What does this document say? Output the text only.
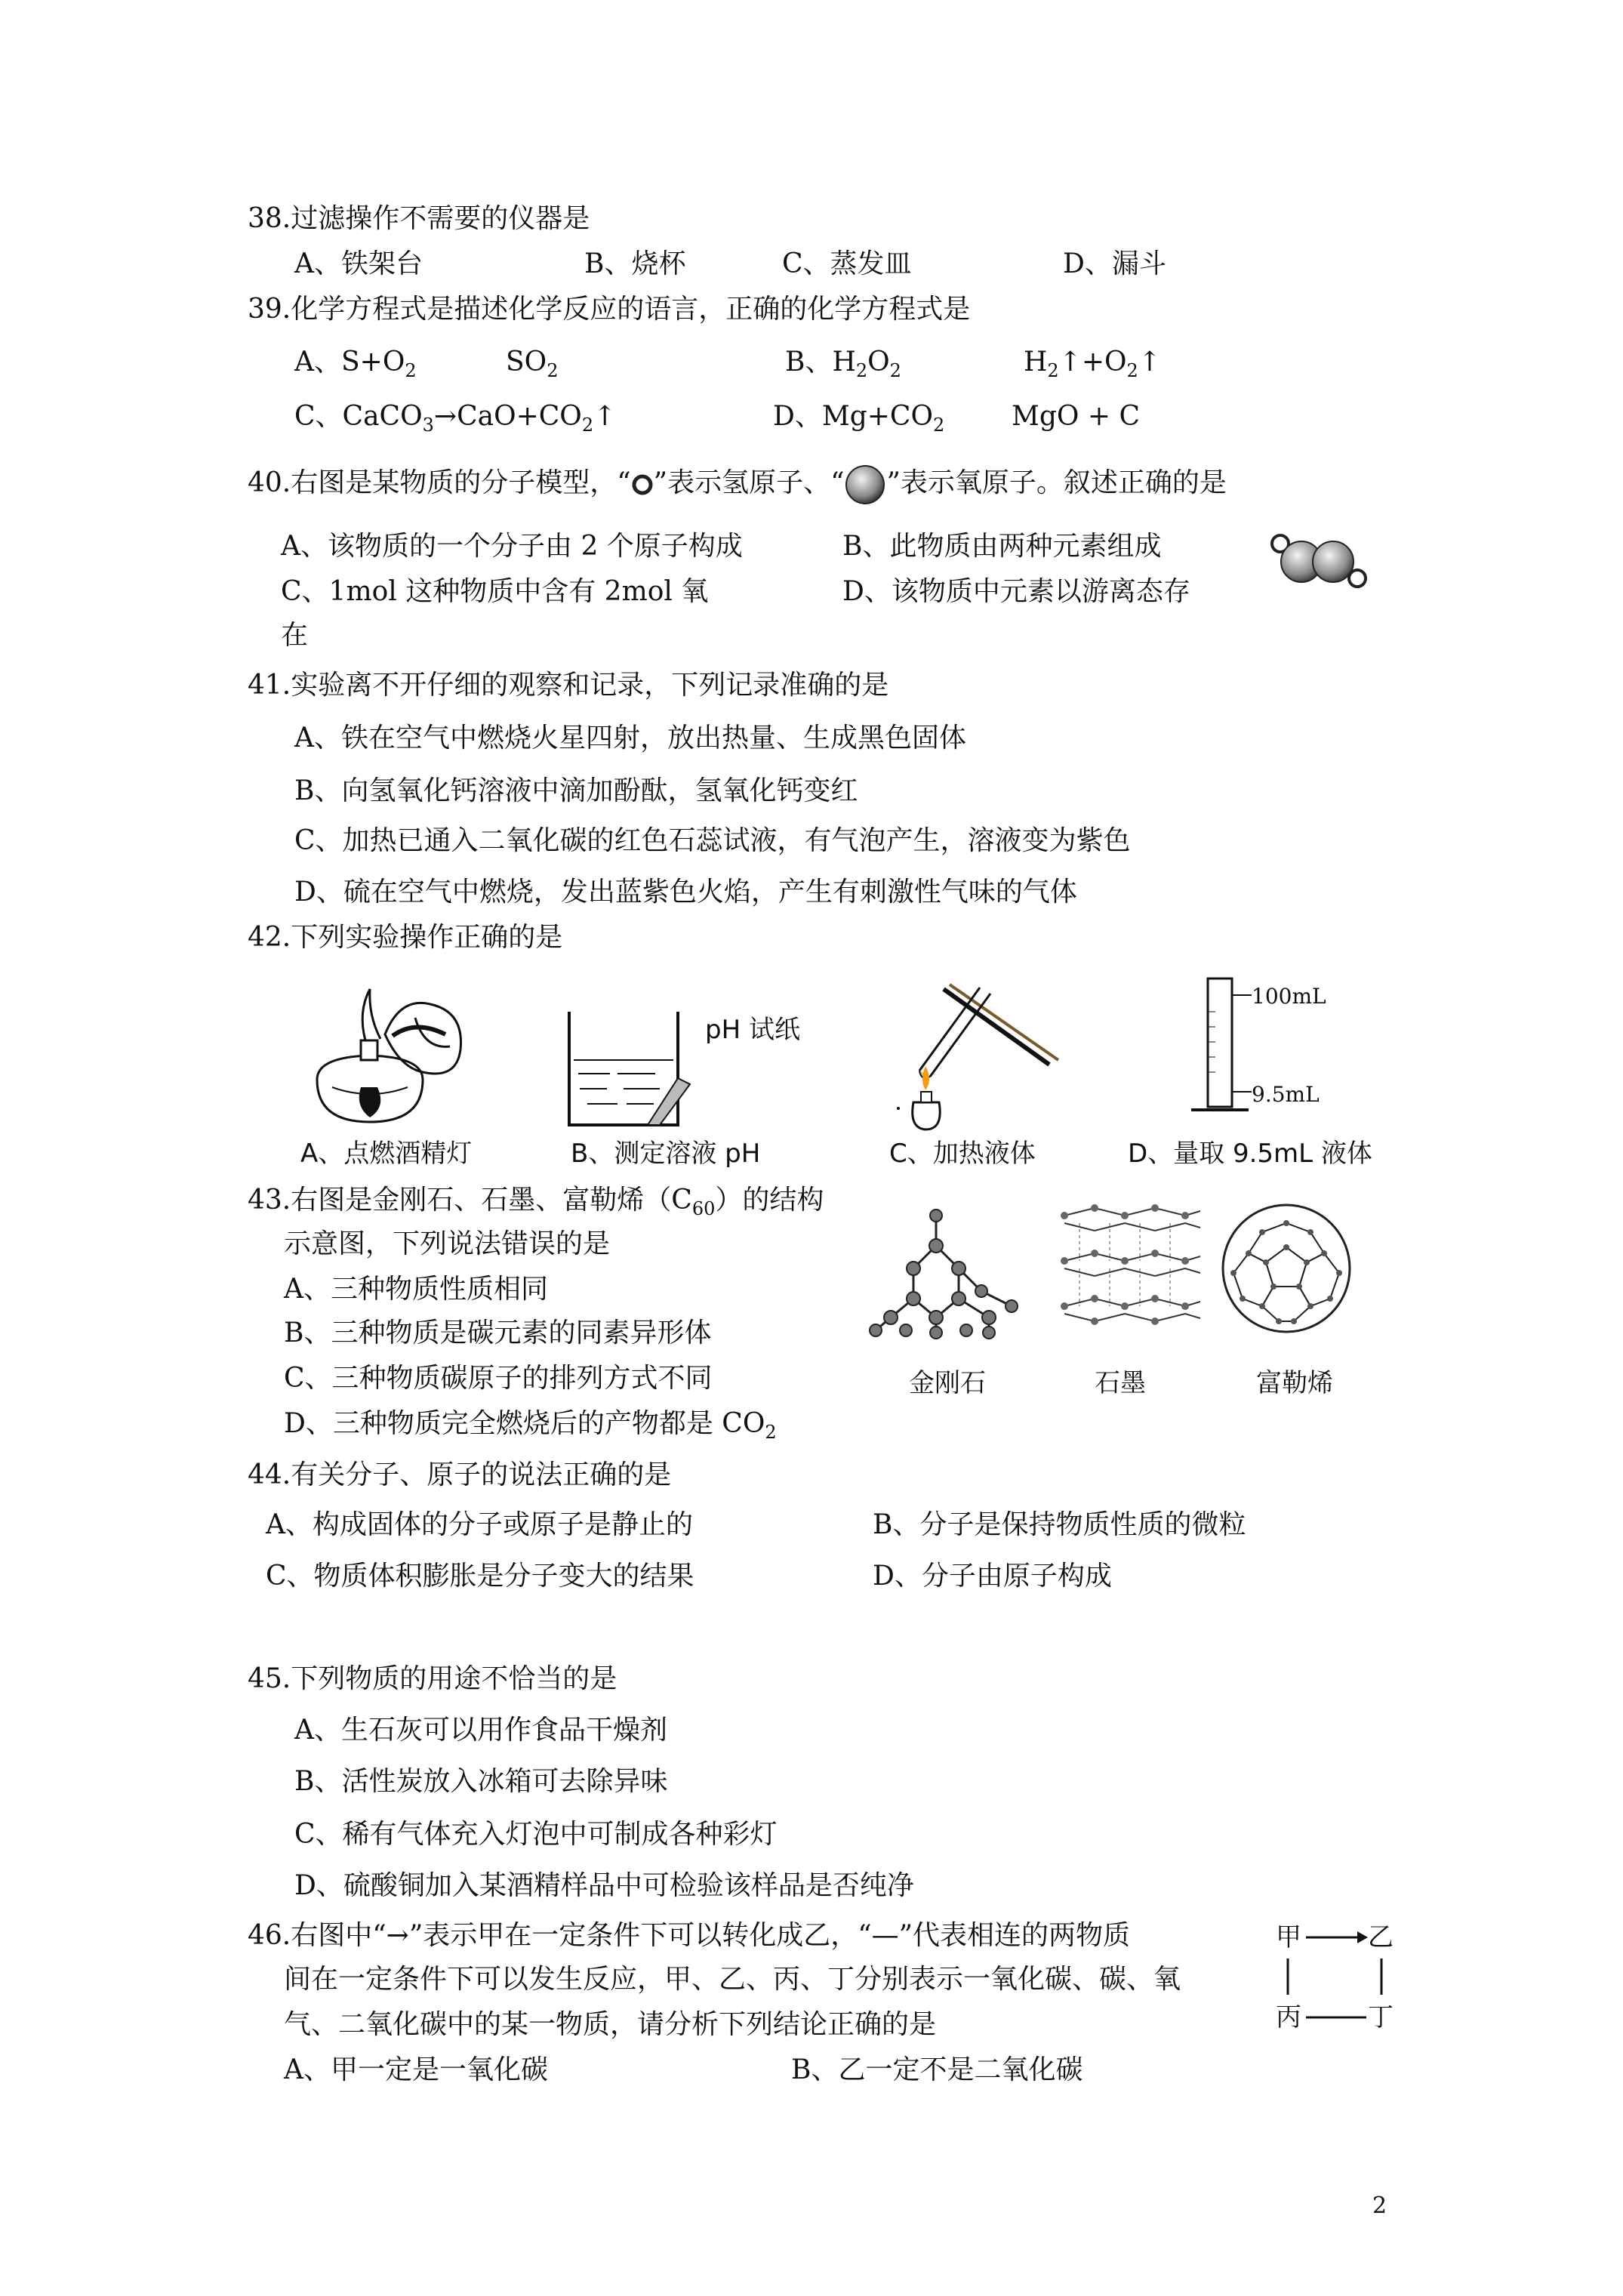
38.过滤操作不需要的仪器是
A、铁架台	B、烧杯	C、蒸发皿	D、漏斗
39.化学方程式是描述化学反应的语言，正确的化学方程式是
A、$S+O_2$	$SO_2$	B、$H_2O_2$	$H_2↑+O_2↑$
C、$CaCO_3\to CaO+CO_2↑$	D、$Mg+CO_2$ MgO + C
40.右图是某物质的分子模型，“ ”表示氢原子、“ ”表示氧原子。叙述正确的是
A、该物质的一个分子由 2 个原子构成	B、此物质由两种元素组成
C、1mol 这种物质中含有 2mol 氧	D、该物质中元素以游离态存
在
41.实验离不开仔细的观察和记录，下列记录准确的是
A、铁在空气中燃烧火星四射，放出热量、生成黑色固体
B、向氢氧化钙溶液中滴加酚酞，氢氧化钙变红
C、加热已通入二氧化碳的红色石蕊试液，有气泡产生，溶液变为紫色
D、硫在空气中燃烧，发出蓝紫色火焰，产生有刺激性气味的气体
42.下列实验操作正确的是
pH 试纸
100mL
9.5mL
A、点燃酒精灯	B、测定溶液 pH	C、加热液体	D、量取 9.5mL 液体
43.右图是金刚石、石墨、富勒烯$(C_{60})$的结构
示意图，下列说法错误的是
A、三种物质性质相同
B、三种物质是碳元素的同素异形体
C、三种物质碳原子的排列方式不同
D、三种物质完全燃烧后的产物都是 $CO_2$
金刚石	石墨	富勒烯
44.有关分子、原子的说法正确的是
A、构成固体的分子或原子是静止的	B、分子是保持物质性质的微粒
C、物质体积膨胀是分子变大的结果	D、分子由原子构成
45.下列物质的用途不恰当的是
A、生石灰可以用作食品干燥剂
B、活性炭放入冰箱可去除异味
C、稀有气体充入灯泡中可制成各种彩灯
D、硫酸铜加入某酒精样品中可检验该样品是否纯净
46.右图中“→”表示甲在一定条件下可以转化成乙，“—”代表相连的两物质
间在一定条件下可以发生反应，甲、乙、丙、丁分别表示一氧化碳、碳、氧
气、二氧化碳中的某一物质，请分析下列结论正确的是
A、甲一定是一氧化碳	B、乙一定不是二氧化碳
甲	乙
丙	丁
2
